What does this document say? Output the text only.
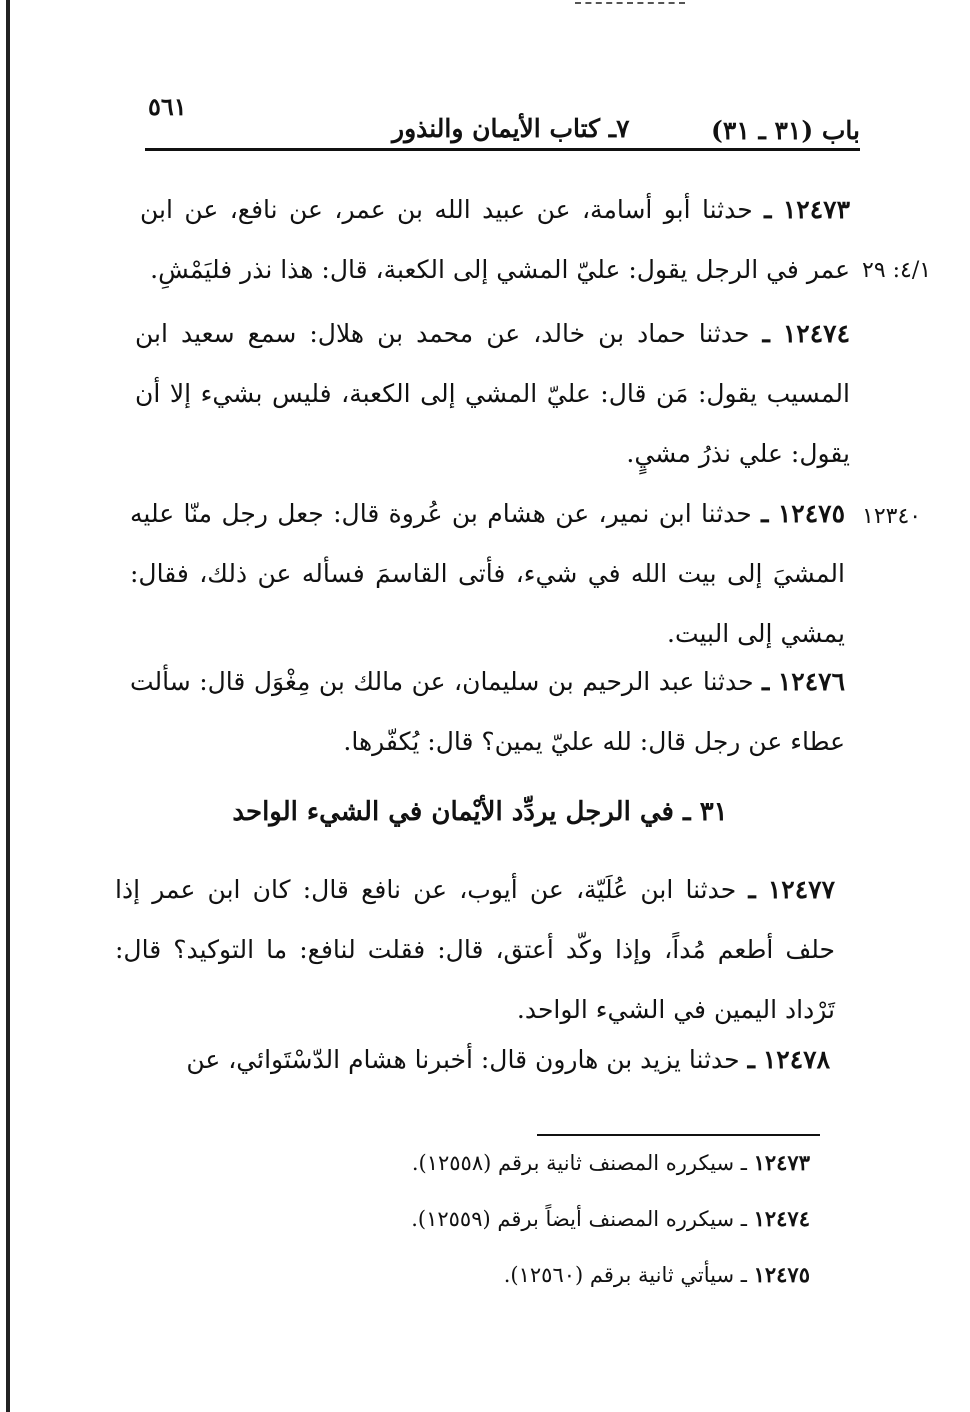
٥٦١
٧ـ كتاب الأيمان والنذور	باب (٣١ ـ ٣١)
١٢٤٧٣ ـ حدثنا أبو أسامة، عن عبيد الله بن عمر، عن نافع، عن ابن عمر في الرجل يقول: عليّ المشي إلى الكعبة، قال: هذا نذر فليَمْشِ. ٤/١: ٢٩
١٢٤٧٤ ـ حدثنا حماد بن خالد، عن محمد بن هلال: سمع سعيد ابن المسيب يقول: مَن قال: عليّ المشي إلى الكعبة، فليس بشيء إلا أن يقول: علي نذرُ مشيٍ.
١٢٤٧٥ ـ حدثنا ابن نمير، عن هشام بن عُروة قال: جعل رجل منّا عليه المشيَ إلى بيت الله في شيء، فأتى القاسمَ فسأله عن ذلك، فقال: يمشي إلى البيت.
١٢٣٤٠
١٢٤٧٦ ـ حدثنا عبد الرحيم بن سليمان، عن مالك بن مِغْوَل قال: سألت عطاء عن رجل قال: لله عليّ يمين؟ قال: يُكفّرها.
٣١ ـ في الرجل يردِّد الأيْمان في الشيء الواحد
١٢٤٧٧ ـ حدثنا ابن عُلَيّة، عن أيوب، عن نافع قال: كان ابن عمر إذا حلف أطعم مُداً، وإذا وكّد أعتق، قال: فقلت لنافع: ما التوكيد؟ قال: تَرْداد اليمين في الشيء الواحد.
١٢٤٧٨ ـ حدثنا يزيد بن هارون قال: أخبرنا هشام الدّسْتَوائي، عن
١٢٤٧٣ ـ سيكرره المصنف ثانية برقم (١٢٥٥٨).
١٢٤٧٤ ـ سيكرره المصنف أيضاً برقم (١٢٥٥٩).
١٢٤٧٥ ـ سيأتي ثانية برقم (١٢٥٦٠).
